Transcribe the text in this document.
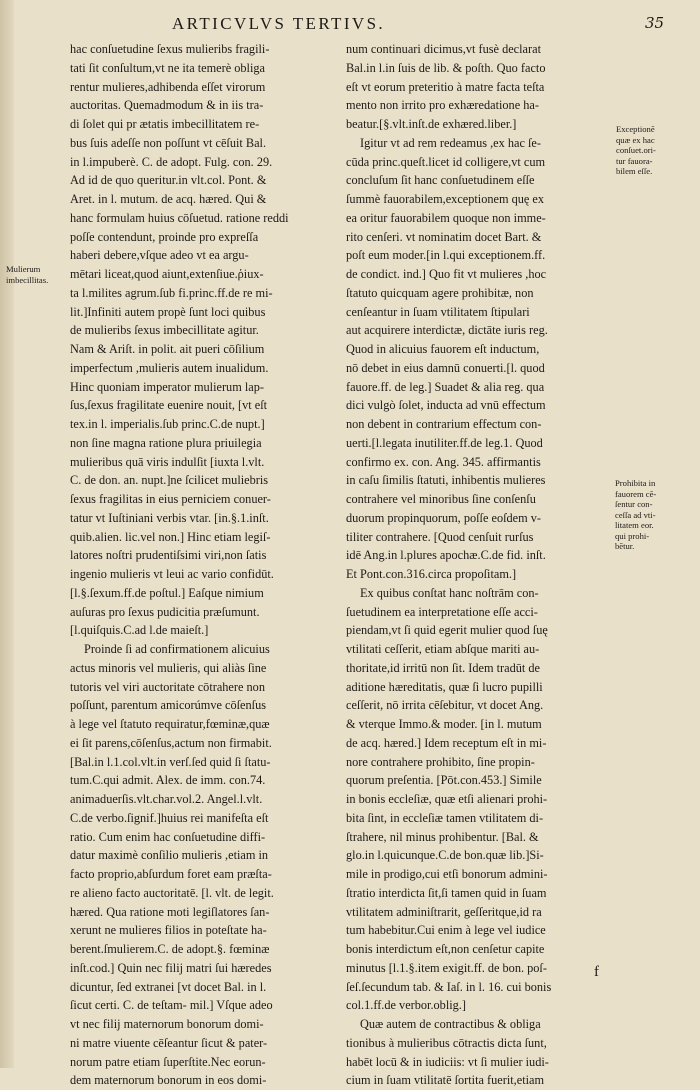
ARTICVLVS TERTIVS.	35
hac conſuetudine ſexus mulieribs fragili-
tati ſit conſultum,vt ne ita temerè obliga
rentur mulieres,adhibenda eſſet virorum
auctoritas. Quemadmodum & in iis tra-
di ſolet qui pr ætatis imbecillitatem re-
bus ſuis adeſſe non poſſunt vt cēſuit Bal.
in l.impuberè. C. de adopt. Fulg. con. 29.
Ad id de quo queritur.in vlt.col. Pont. &
Aret. in l. mutum. de acq. hæred. Qui &
hanc formulam huius cōſuetud. ratione reddi
poſſe contendunt, proinde pro expreſſa
haberi debere,vſque adeo vt ea argu-
mētari liceat,quod aiunt,extenſiue.ῥiux-
ta l.milites agrum.ſub fi.princ.ff.de re mi-
lit.]Infiniti autem propè ſunt loci quibus
de mulieribs ſexus imbecillitate agitur.
Nam & Ariſt. in polit. ait pueri cōſilium
imperfectum ,mulieris autem inualidum.
Hinc quoniam imperator mulierum lap-
ſus,ſexus fragilitate euenire nouit, [vt eſt
tex.in l. imperialis.ſub princ.C.de nupt.]
non ſine magna ratione plura priuilegia
mulieribus quā viris indulſit [iuxta l.vlt.
C. de don. an. nupt.]ne ſcilicet muliebris
ſexus fragilitas in eius perniciem conuer-
tatur vt Iuſtiniani verbis vtar. [in.§.1.inſt.
quib.alien. lic.vel non.] Hinc etiam legiſ-
latores noſtri prudentiſsimi viri,non ſatis
ingenio mulieris vt leui ac vario confidūt.
[l.§.ſexum.ff.de poſtul.] Eaſque nimium
auſuras pro ſexus pudicitia præſumunt.
[l.quiſquis.C.ad l.de maieſt.]
Proinde ſi ad confirmationem alicuius
actus minoris vel mulieris, qui aliàs ſine
tutoris vel viri auctoritate cōtrahere non
poſſunt, parentum amicorúmve cōſenſus
à lege vel ſtatuto requiratur,fœminæ,quæ
ei ſit parens,cōſenſus,actum non firmabit.
[Bal.in l.1.col.vlt.in verſ.ſed quid ſi ſtatu-
tum.C.qui admit. Alex. de imm. con.74.
animaduerſis.vlt.char.vol.2. Angel.l.vlt.
C.de verbo.ſignif.]huius rei manifeſta eſt
ratio. Cum enim hac conſuetudine diffi-
datur maximè conſilio mulieris ,etiam in
facto proprio,abſurdum foret eam præſta-
re alieno facto auctoritatē. [l. vlt. de legit.
hæred. Qua ratione moti legiſlatores ſan-
xerunt ne mulieres filios in poteſtate ha-
berent.ſmulierem.C. de adopt.§. fœminæ
inſt.cod.] Quin nec filij matri ſui hæredes
dicuntur, ſed extranei [vt docet Bal. in l.
ſicut certi. C. de teſtam- mil.] Vſque adeo
vt nec filij maternorum bonorum domi-
ni matre viuente cēſeantur ſicut & pater-
norum patre etiam ſuperſtite.Nec eorun-
dem maternorum bonorum in eos domi-
num continuari dicimus,vt fusè declarat
Bal.in l.in ſuis de lib. & poſth. Quo facto
eſt vt eorum preteritio à matre facta teſta
mento non irrito pro exhæredatione ha-
beatur.[§.vlt.inſt.de exhæred.liber.]
Igitur vt ad rem redeamus ,ex hac ſe-
cūda princ.queſt.licet id colligere,vt cum
concluſum ſit hanc conſuetudinem eſſe
ſummè fauorabilem,exceptionem quę ex
ea oritur fauorabilem quoque non imme-
rito cenſeri. vt nominatim docet Bart. &
poſt eum moder.[in l.qui exceptionem.ff.
de condict. ind.] Quo fit vt mulieres ,hoc
ſtatuto quicquam agere prohibitæ, non
cenſeantur in ſuam vtilitatem ſtipulari
aut acquirere interdictæ, dictāte iuris reg.
Quod in alicuius fauorem eſt inductum,
nō debet in eius damnū conuerti.[l. quod
fauore.ff. de leg.] Suadet & alia reg. qua
dici vulgò ſolet, inducta ad vnū effectum
non debent in contrarium effectum con-
uerti.[l.legata inutiliter.ff.de leg.1. Quod
confirmo ex. con. Ang. 345. affirmantis
in caſu ſimilis ſtatuti, inhibentis mulieres
contrahere vel minoribus ſine conſenſu
duorum propinquorum, poſſe eoſdem v-
tiliter contrahere. [Quod cenſuit rurſus
idē Ang.in l.plures apochæ.C.de fid. inſt.
Et Pont.con.316.circa propoſitam.]
Ex quibus conſtat hanc noſtrām con-
ſuetudinem ea interpretatione eſſe acci-
piendam,vt ſi quid egerit mulier quod ſuę
vtilitati ceſſerit, etiam abſque mariti au-
thoritate,id irritū non ſit. Idem tradūt de
aditione hæreditatis, quæ ſi lucro pupilli
ceſſerit, nō irrita cēſebitur, vt docet Ang.
& vterque Immo.& moder. [in l. mutum
de acq. hæred.] Idem receptum eſt in mi-
nore contrahere prohibito, ſine propin-
quorum preſentia. [Pōt.con.453.] Simile
in bonis eccleſiæ, quæ etſi alienari prohi-
bita ſint, in eccleſiæ tamen vtilitatem di-
ſtrahere, nil minus prohibentur. [Bal. &
glo.in l.quicunque.C.de bon.quæ lib.]Si-
mile in prodigo,cui etſi bonorum admini-
ſtratio interdicta ſit,ſi tamen quid in ſuam
vtilitatem adminiſtrarit, geſſeritque,id ra
tum habebitur.Cui enim à lege vel iudice
bonis interdictum eſt,non cenſetur capite
minutus [l.1.§.item exigit.ff. de bon. poſ-
ſeſ.ſecundum tab. & Iaſ. in l. 16. cui bonis
col.1.ff.de verbor.oblig.]
Quæ autem de contractibus & obliga
tionibus à mulieribus cōtractis dicta ſunt,
habēt locū & in iudiciis: vt ſi mulier iudi-
cium in ſuam vtilitatē ſortita fuerit,etiam
Mulierum
imbecillitas.
Exceptionē
quæ ex hac
conſuet.ori-
tur fauora-
bilem eſſe.
Prohibita in
fauorem cē-
ſentur con-
ceſſa ad vti-
litatem eor.
qui prohi-
bētur.
f
